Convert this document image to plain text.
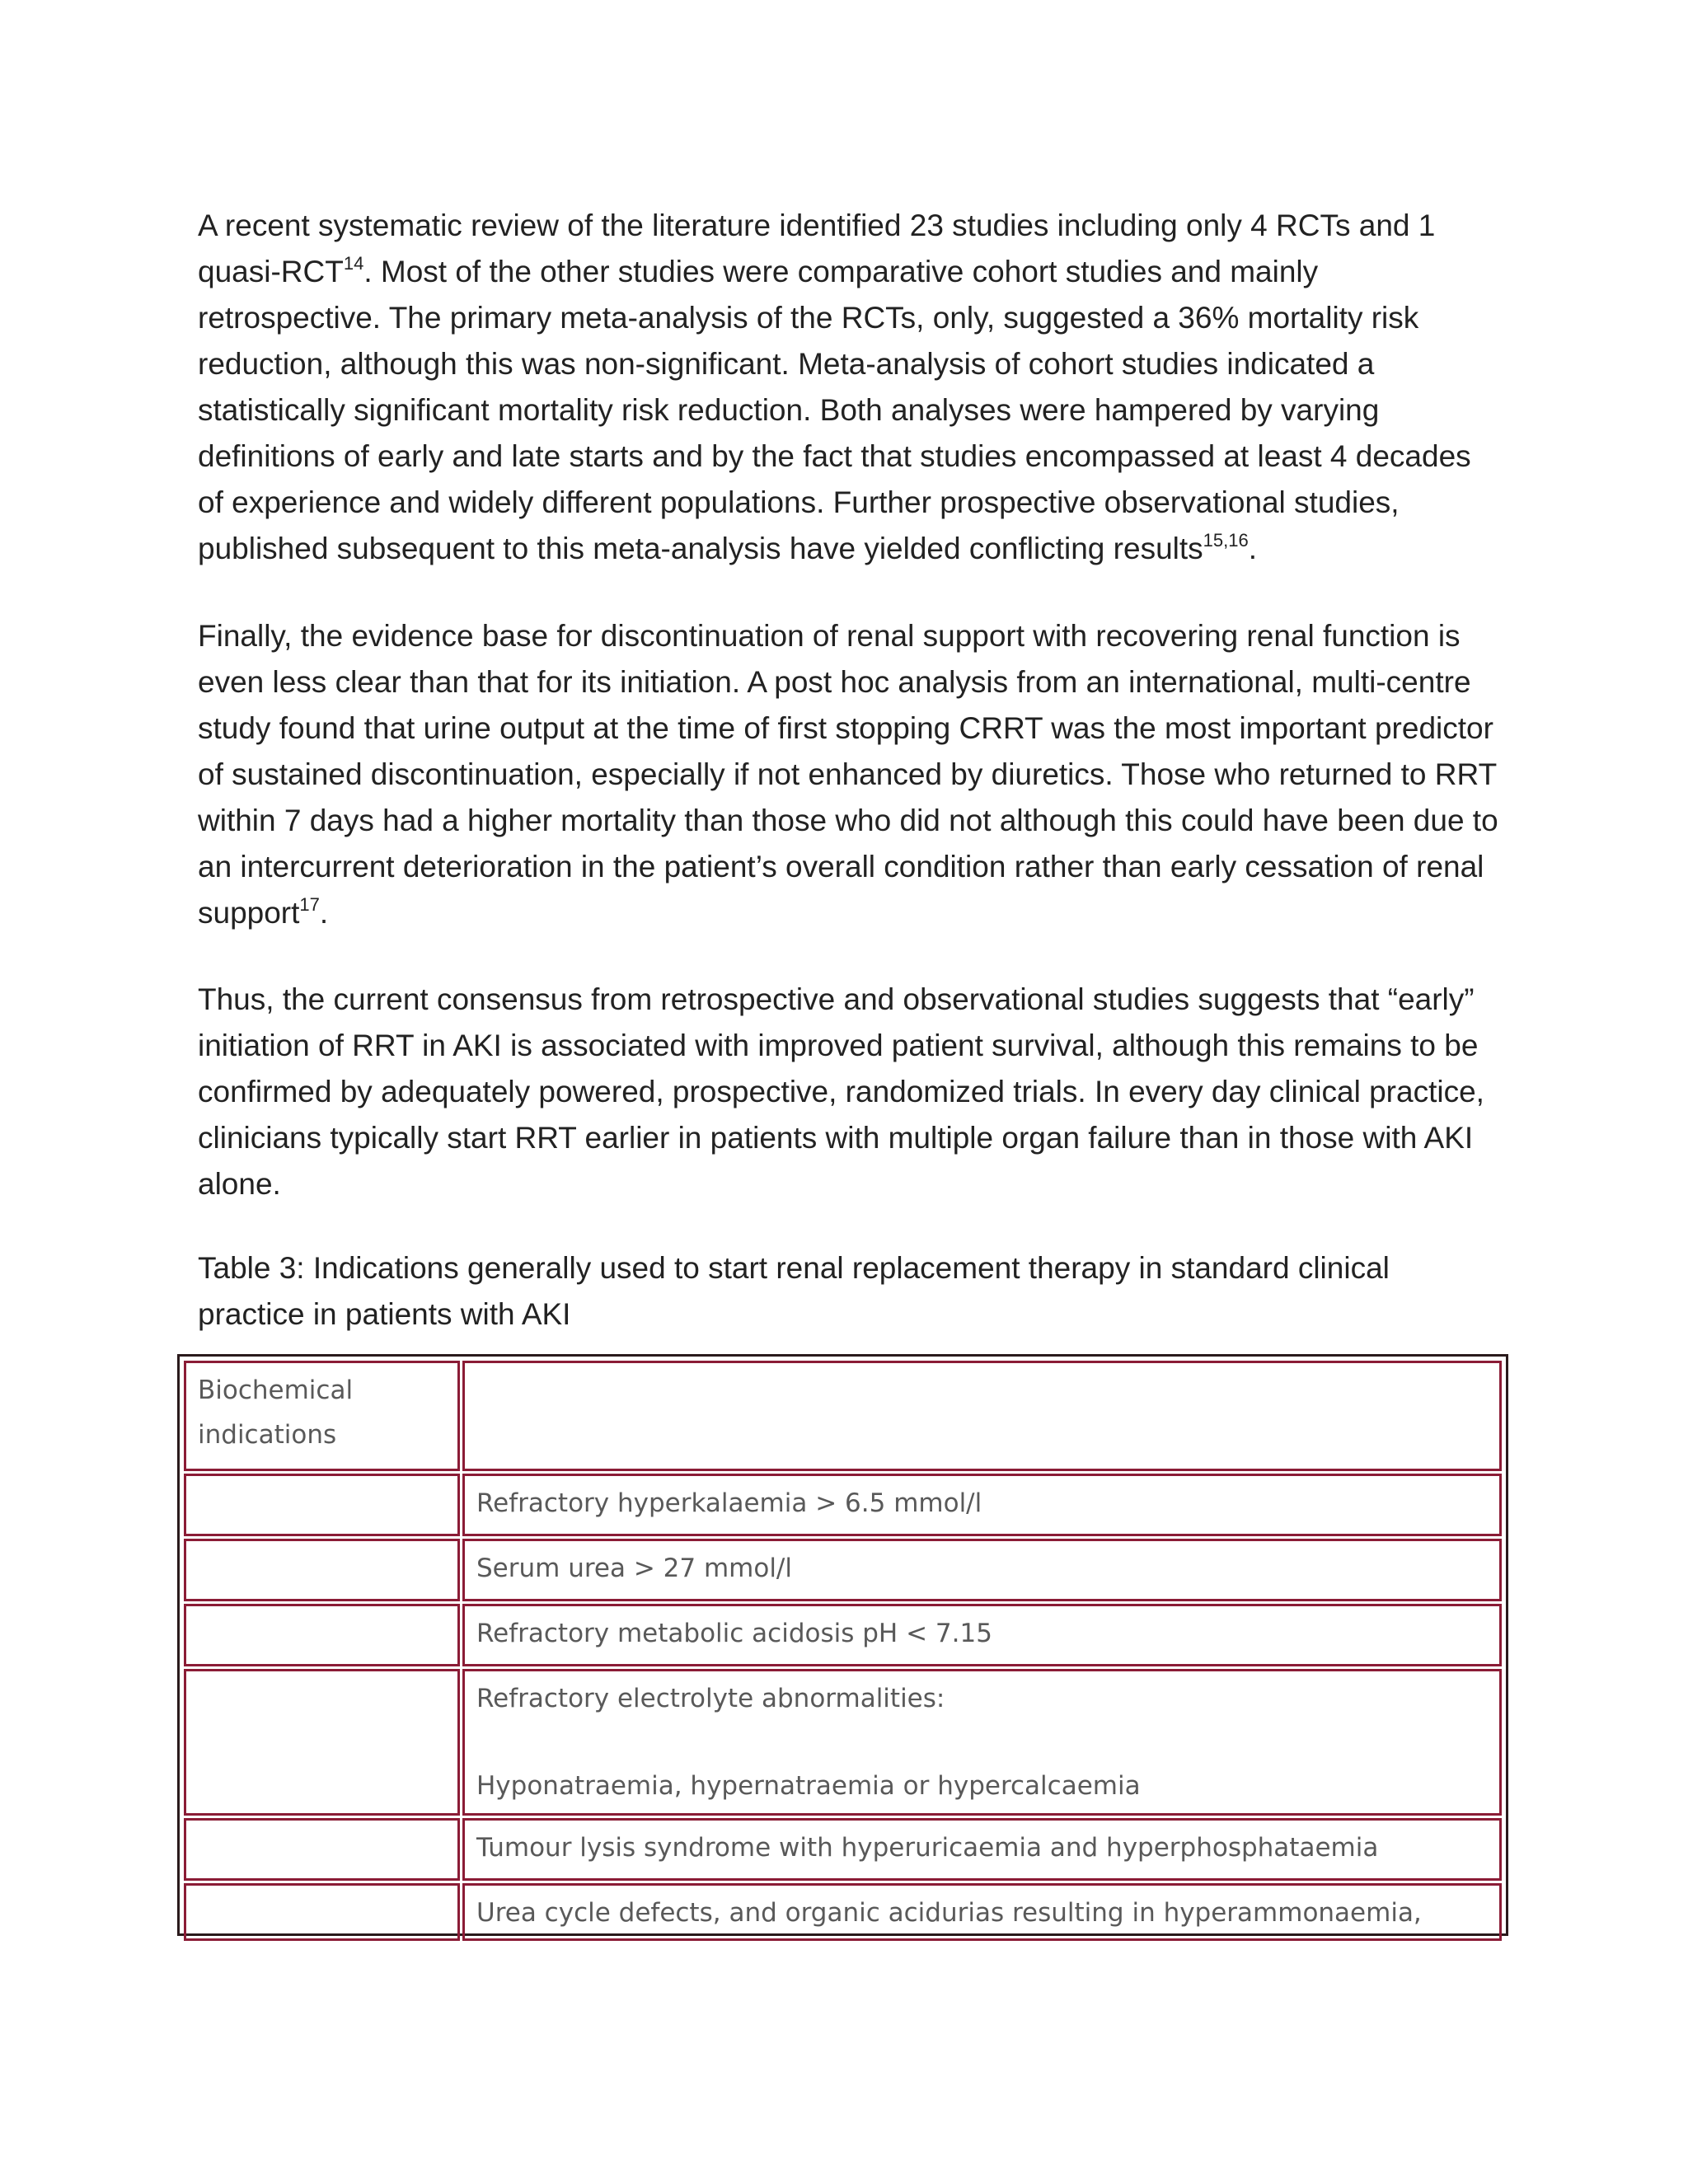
A recent systematic review of the literature identified 23 studies including only 4 RCTs and 1 quasi-RCT$^{14}$. Most of the other studies were comparative cohort studies and mainly retrospective. The primary meta-analysis of the RCTs, only, suggested a 36% mortality risk reduction, although this was non-significant. Meta-analysis of cohort studies indicated a statistically significant mortality risk reduction. Both analyses were hampered by varying definitions of early and late starts and by the fact that studies encompassed at least 4 decades of experience and widely different populations. Further prospective observational studies, published subsequent to this meta-analysis have yielded conflicting results$^{15,16}$.

Finally, the evidence base for discontinuation of renal support with recovering renal function is even less clear than that for its initiation. A post hoc analysis from an international, multi-centre study found that urine output at the time of first stopping CRRT was the most important predictor of sustained discontinuation, especially if not enhanced by diuretics. Those who returned to RRT within 7 days had a higher mortality than those who did not although this could have been due to an intercurrent deterioration in the patient’s overall condition rather than early cessation of renal support$^{17}$.

Thus, the current consensus from retrospective and observational studies suggests that “early” initiation of RRT in AKI is associated with improved patient survival, although this remains to be confirmed by adequately powered, prospective, randomized trials. In every day clinical practice, clinicians typically start RRT earlier in patients with multiple organ failure than in those with AKI alone.

Table 3: Indications generally used to start renal replacement therapy in standard clinical practice in patients with AKI

Biochemical
indications	

	Refractory hyperkalaemia > 6.5 mmol/l
	Serum urea > 27 mmol/l
	Refractory metabolic acidosis pH < 7.15

	Refractory electrolyte abnormalities:
Hyponatraemia, hypernatraemia or hypercalcaemia

	Tumour lysis syndrome with hyperuricaemia and hyperphosphataemia
	Urea cycle defects, and organic acidurias resulting in hyperammonaemia,
